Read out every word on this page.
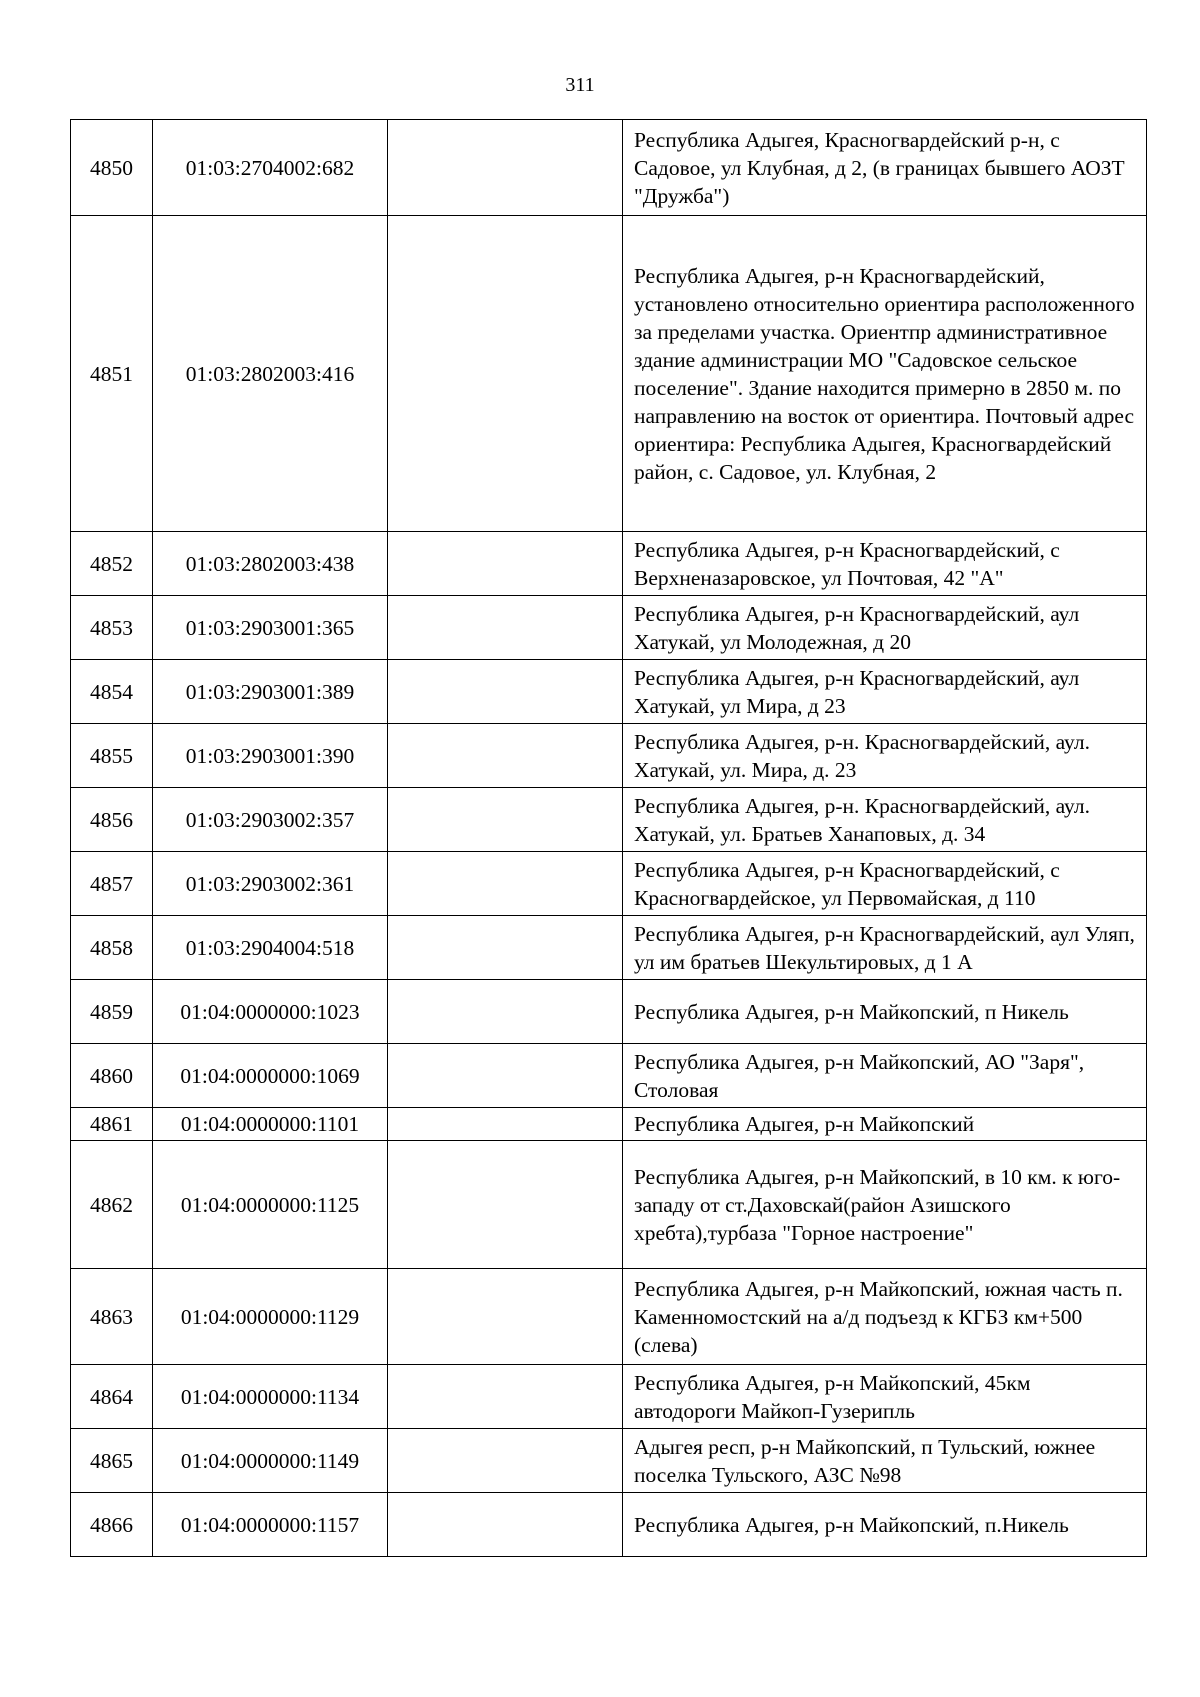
311
4850	01:03:2704002:682		Республика Адыгея, Красногвардейский р-н, с Садовое, ул Клубная, д 2, (в границах бывшего АОЗТ "Дружба")
4851	01:03:2802003:416		Республика Адыгея, р-н Красногвардейский, установлено относительно ориентира расположенного за пределами участка. Ориентпр административное здание администрации МО "Садовское сельское поселение". Здание находится примерно в 2850 м. по направлению на восток от ориентира. Почтовый адрес ориентира: Республика Адыгея, Красногвардейский район, с. Садовое, ул. Клубная, 2
4852	01:03:2802003:438		Республика Адыгея, р-н Красногвардейский, с Верхненазаровское, ул Почтовая, 42 "А"
4853	01:03:2903001:365		Республика Адыгея, р-н Красногвардейский, аул Хатукай, ул Молодежная, д 20
4854	01:03:2903001:389		Республика Адыгея, р-н Красногвардейский, аул Хатукай, ул Мира, д 23
4855	01:03:2903001:390		Республика Адыгея, р-н. Красногвардейский, аул. Хатукай, ул. Мира, д. 23
4856	01:03:2903002:357		Республика Адыгея, р-н. Красногвардейский, аул. Хатукай, ул. Братьев Ханаповых, д. 34
4857	01:03:2903002:361		Республика Адыгея, р-н Красногвардейский, с Красногвардейское, ул Первомайская, д 110
4858	01:03:2904004:518		Республика Адыгея, р-н Красногвардейский, аул Уляп, ул им братьев Шекультировых, д 1 А
4859	01:04:0000000:1023		Республика Адыгея, р-н Майкопский, п Никель
4860	01:04:0000000:1069		Республика Адыгея, р-н Майкопский, АО "Заря", Столовая
4861	01:04:0000000:1101		Республика Адыгея, р-н Майкопский
4862	01:04:0000000:1125		Республика Адыгея, р-н Майкопский, в 10 км. к юго-западу от ст.Даховскай(район Азишского хребта),турбаза "Горное настроение"
4863	01:04:0000000:1129		Республика Адыгея, р-н Майкопский, южная часть п. Каменномостский на а/д подъезд к КГБЗ км+500 (слева)
4864	01:04:0000000:1134		Республика Адыгея, р-н Майкопский, 45км автодороги Майкоп-Гузерипль
4865	01:04:0000000:1149		Адыгея респ, р-н Майкопский, п Тульский, южнее поселка Тульского, АЗС №98
4866	01:04:0000000:1157		Республика Адыгея, р-н Майкопский, п.Никель
